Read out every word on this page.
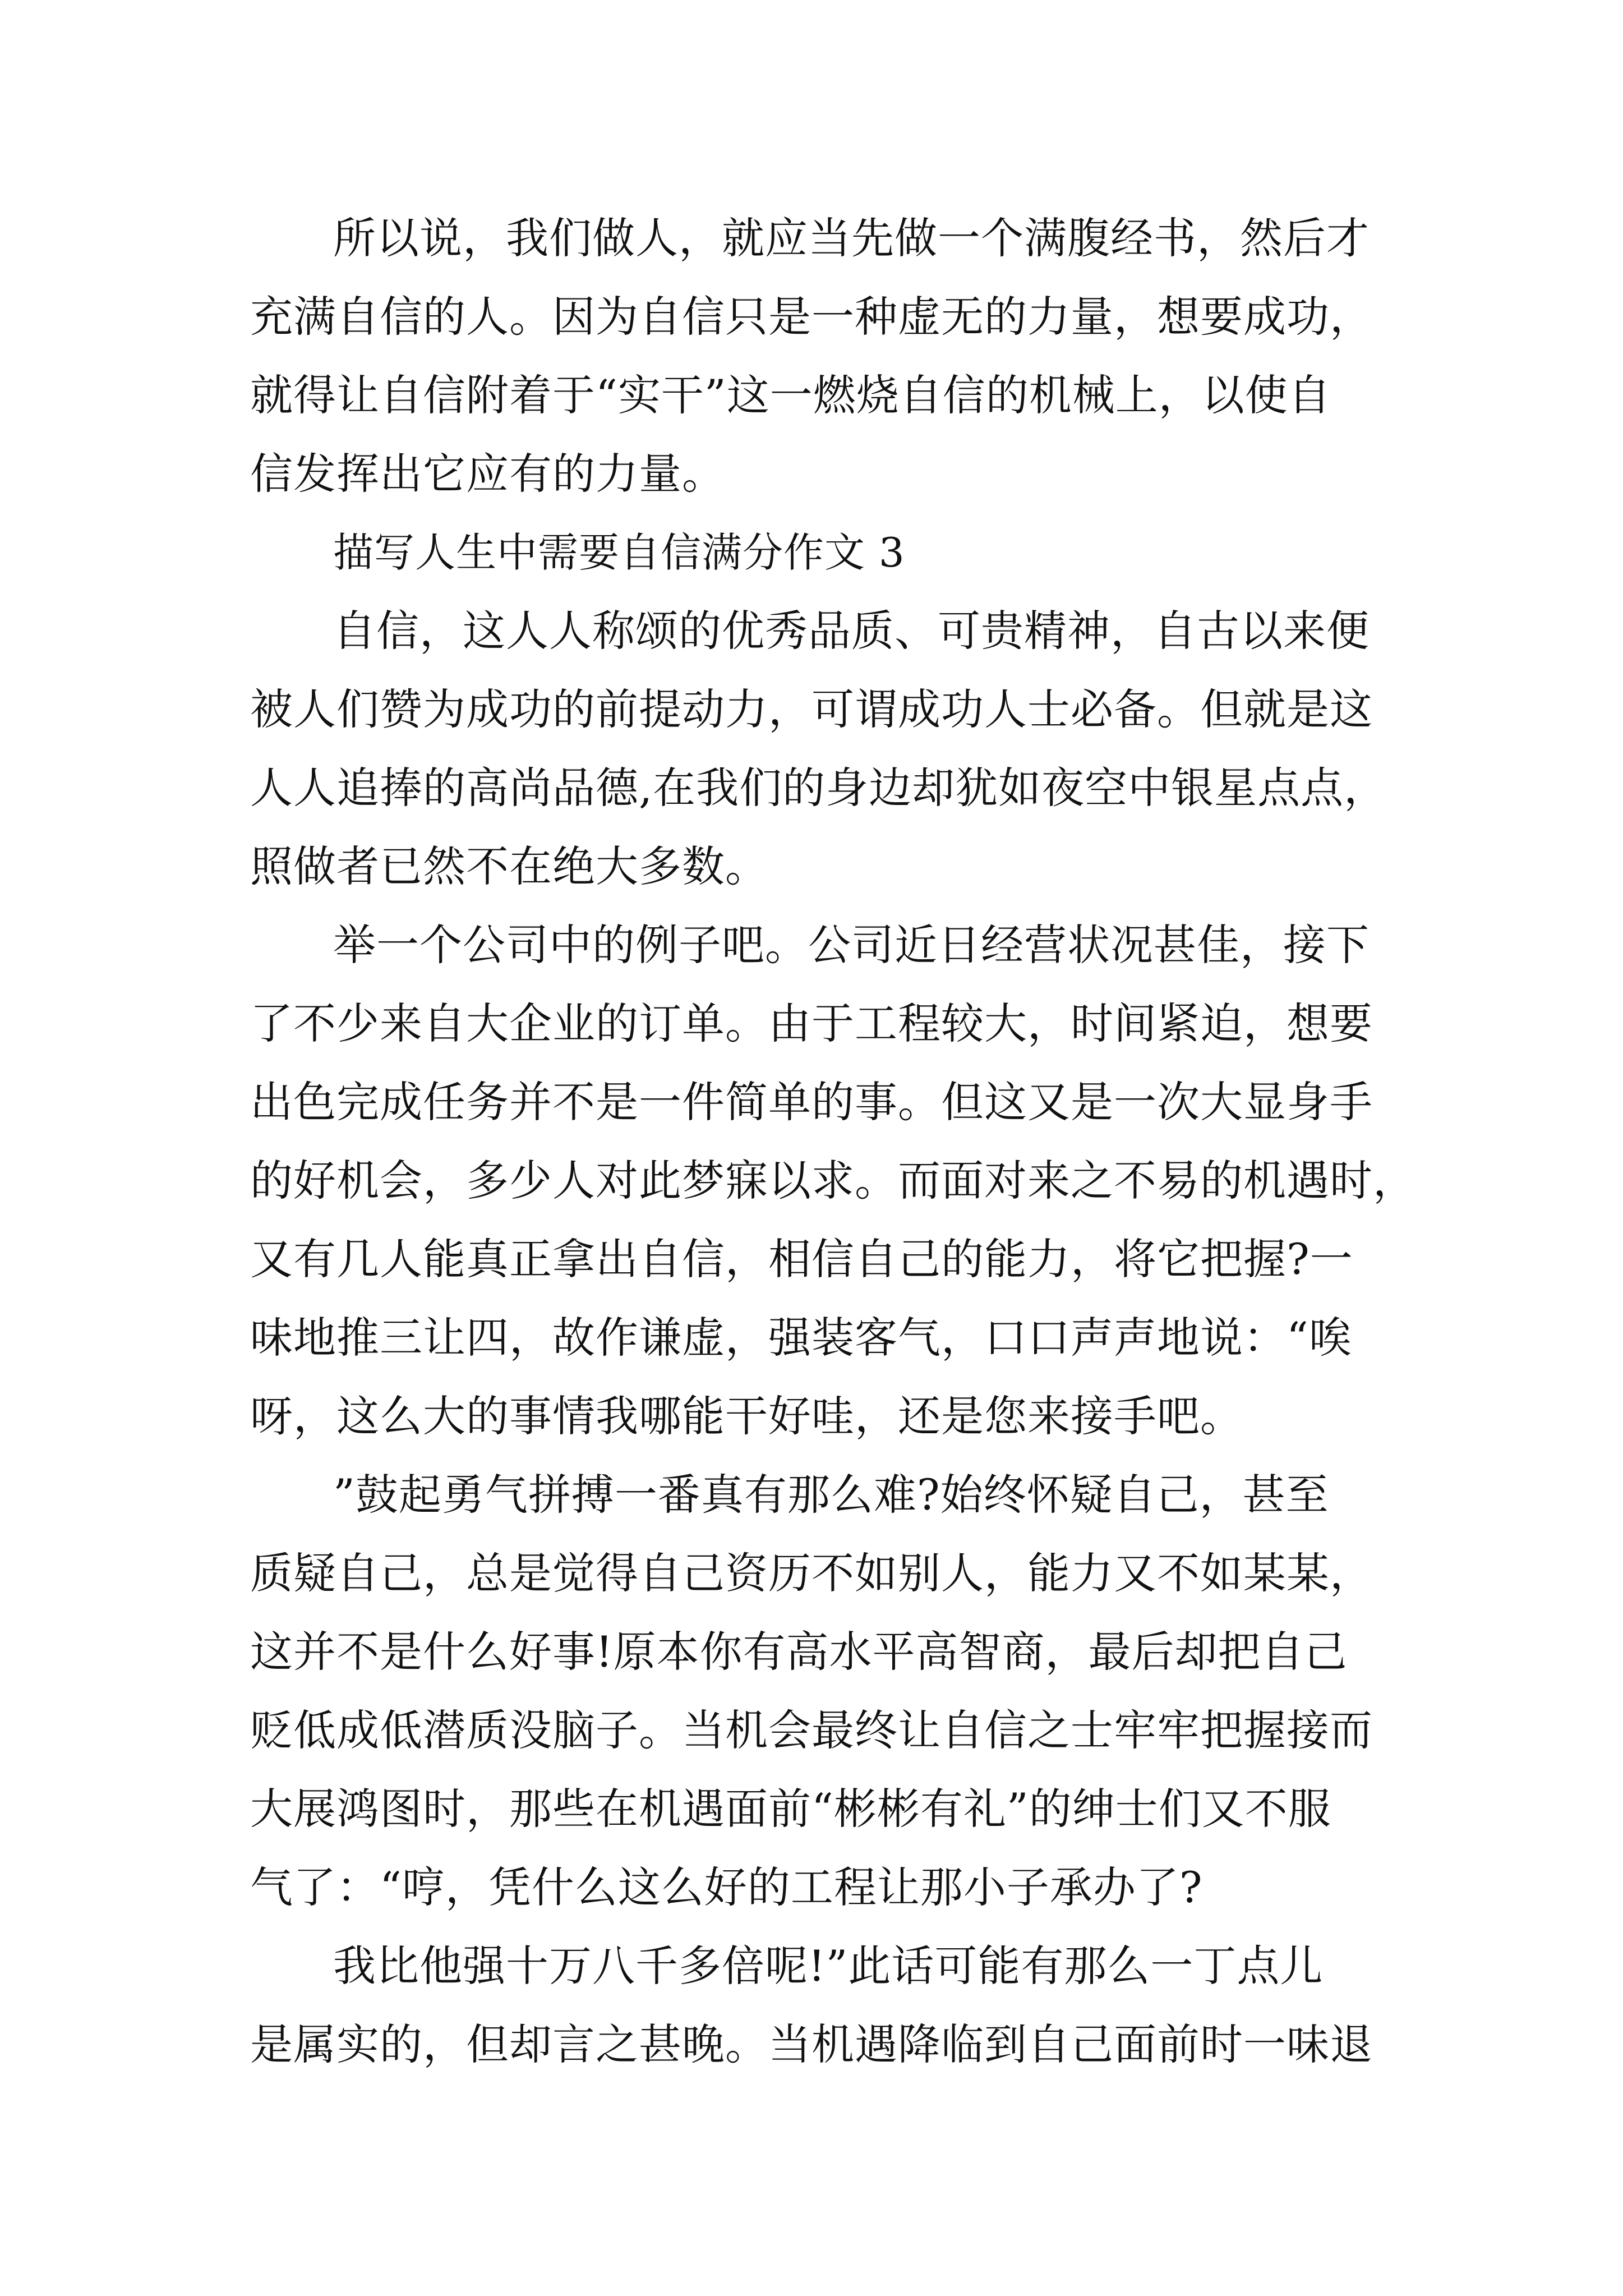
所以说，我们做人，就应当先做一个满腹经书，然后才
充满自信的人。因为自信只是一种虚无的力量，想要成功，
就得让自信附着于“实干”这一燃烧自信的机械上，以使自
信发挥出它应有的力量。
描写人生中需要自信满分作文 3
自信，这人人称颂的优秀品质、可贵精神，自古以来便
被人们赞为成功的前提动力，可谓成功人士必备。但就是这
人人追捧的高尚品德,在我们的身边却犹如夜空中银星点点，
照做者已然不在绝大多数。
举一个公司中的例子吧。公司近日经营状况甚佳，接下
了不少来自大企业的订单。由于工程较大，时间紧迫，想要
出色完成任务并不是一件简单的事。但这又是一次大显身手
的好机会，多少人对此梦寐以求。而面对来之不易的机遇时，
又有几人能真正拿出自信，相信自己的能力，将它把握?一
味地推三让四，故作谦虚，强装客气，口口声声地说：“唉
呀，这么大的事情我哪能干好哇，还是您来接手吧。
”鼓起勇气拼搏一番真有那么难?始终怀疑自己，甚至
质疑自己，总是觉得自己资历不如别人，能力又不如某某，
这并不是什么好事!原本你有高水平高智商，最后却把自己
贬低成低潜质没脑子。当机会最终让自信之士牢牢把握接而
大展鸿图时，那些在机遇面前“彬彬有礼”的绅士们又不服
气了：“哼，凭什么这么好的工程让那小子承办了?
我比他强十万八千多倍呢!”此话可能有那么一丁点儿
是属实的，但却言之甚晚。当机遇降临到自己面前时一味退
